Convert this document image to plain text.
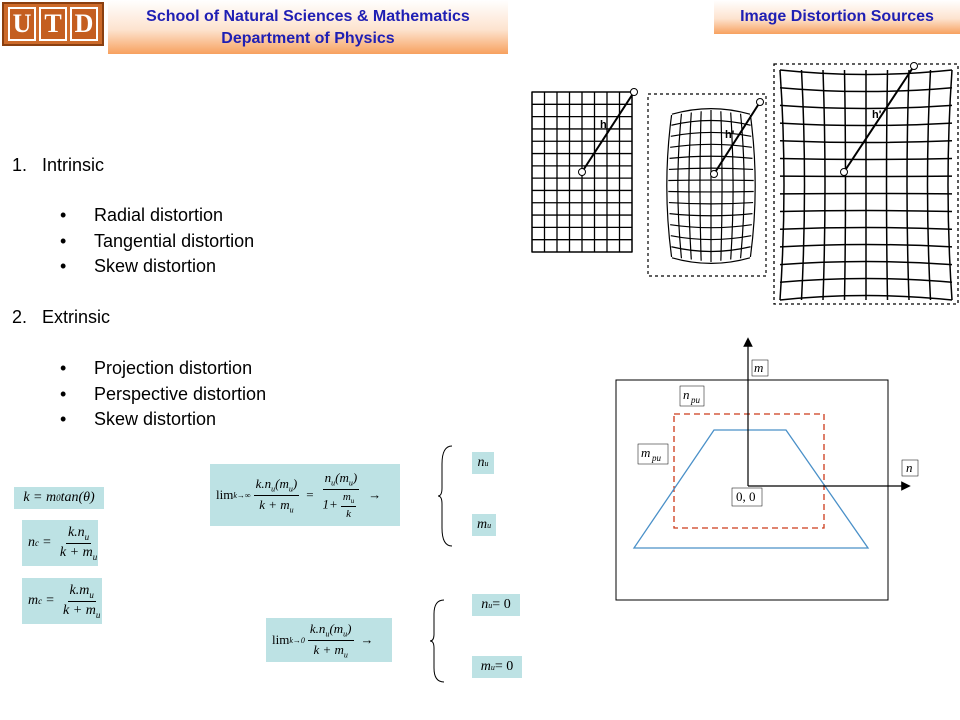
U T D	School of Natural Sciences & Mathematics
Department of Physics
Image Distortion Sources
h
h'
h'
1. Intrinsic
• Radial distortion
• Tangential distortion
• Skew distortion
2. Extrinsic
• Projection distortion
• Perspective distortion
• Skew distortion
m
n
n pu
m pu
0, 0
k = m 0 tan(θ)
n $c = \frac{k.n_u}{k + m_u}$
m $c = \frac{k.m_u}{k + m_u}$
$\lim k\to\infty \frac{k.n_u(m_u)}{k + m_u} = \frac{n_u(m_u)}{1+ \frac{m_u}{k}}$ →
$\lim k\to 0 \frac{k.n_u(m_u)}{k + m_u}$ →
n u
m u
n u = 0
m u = 0
